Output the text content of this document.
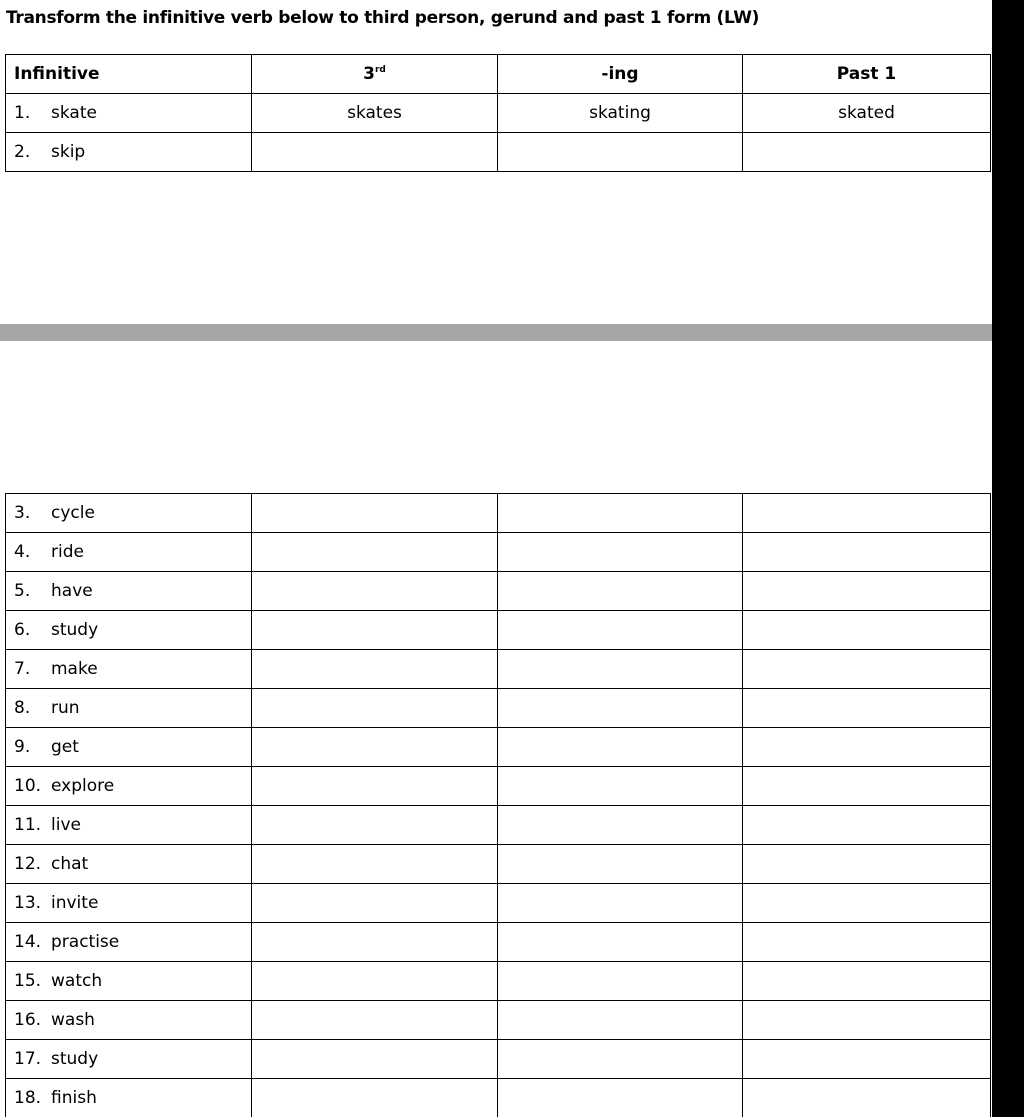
Transform the infinitive verb below to third person, gerund and past 1 form (LW)
Infinitive	3rd	-ing	Past 1
1. skate	skates	skating	skated
2. skip			
3. cycle			
4. ride			
5. have			
6. study			
7. make			
8. run			
9. get			
10. explore			
11. live			
12. chat			
13. invite			
14. practise			
15. watch			
16. wash			
17. study			
18. finish			
